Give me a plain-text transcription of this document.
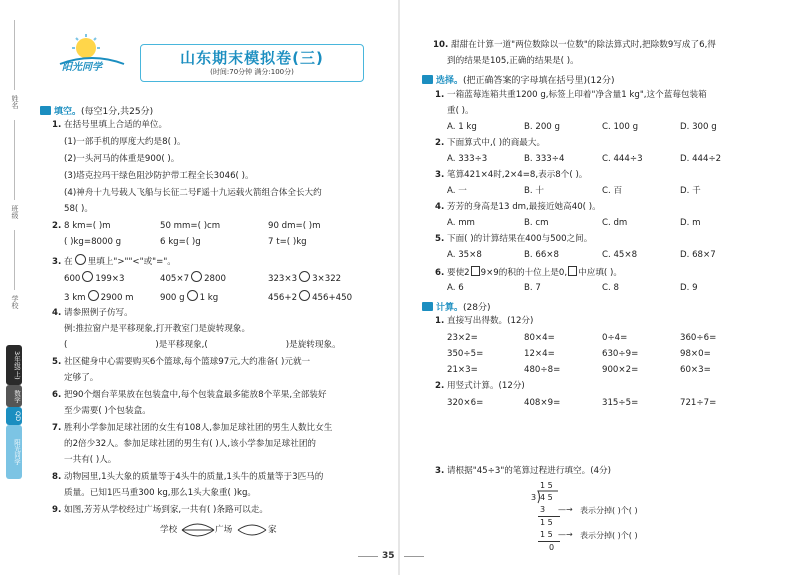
姓名
班级
学校
3年级(上)
数学
QD
阳光同学
阳光同学
山东期末模拟卷(三)
(时间:70分钟 满分:100分)
填空。(每空1分,共25分)
1. 在括号里填上合适的单位。
(1)一部手机的厚度大约是8( )。
(2)一头河马的体重是900( )。
(3)塔克拉玛干绿色阻沙防护带工程全长3046( )。
(4)神舟十九号载人飞船与长征二号F遥十九运载火箭组合体全长大约
58( )。
2. 8 km=( )m	50 mm=( )cm	90 dm=( )m
( )kg=8000 g	6 kg=( )g	7 t=( )kg
3. 在 里填上">""<"或"="。
600 199×3	405×7 2800	323×3 3×322
3 km 2900 m	900 g 1 kg	456+2 456+450
4. 请参照例子仿写。
例:推拉窗户是平移现象,打开教室门是旋转现象。
(	)是平移现象,(	)是旋转现象。
5. 社区健身中心需要购买6个篮球,每个篮球97元,大约准备( )元就一
定够了。
6. 把90个烟台苹果放在包装盒中,每个包装盒最多能放8个苹果,全部装好
至少需要( )个包装盒。
7. 胜利小学参加足球社团的女生有108人,参加足球社团的男生人数比女生
的2倍少32人。参加足球社团的男生有( )人,该小学参加足球社团的
一共有( )人。
8. 动物园里,1头大象的质量等于4头牛的质量,1头牛的质量等于3匹马的
质量。已知1匹马重300 kg,那么1头大象重( )kg。
9. 如图,芳芳从学校经过广场到家,一共有( )条路可以走。
学校	广场	家
10. 甜甜在计算一道"两位数除以一位数"的除法算式时,把除数9写成了6,得
到的结果是105,正确的结果是( )。
选择。(把正确答案的字母填在括号里)(12分)
1. 一箱蓝莓连箱共重1200 g,标签上印着"净含量1 kg",这个蓝莓包装箱
重( )。
A. 1 kg	B. 200 g	C. 100 g	D. 300 g
2. 下面算式中,( )的商最大。
A. 333÷3	B. 333÷4	C. 444÷3	D. 444÷2
3. 笔算421×4时,2×4=8,表示8个( )。
A. 一	B. 十	C. 百	D. 千
4. 芳芳的身高是13 dm,最接近她高40( )。
A. mm	B. cm	C. dm	D. m
5. 下面( )的计算结果在400与500之间。
A. 35×8	B. 66×8	C. 45×8	D. 68×7
6. 要使2 9×9的积的十位上是0, 中应填( )。
A. 6	B. 7	C. 8	D. 9
计算。(28分)
1. 直接写出得数。(12分)
23×2=	80×4=	0÷4=	360÷6=
350÷5=	12×4=	630÷9=	98×0=
21×3=	480÷8=	900×2=	60×3=
2. 用竖式计算。(12分)
320×6=	408×9=	315÷5=	721÷7=
3. 请根据"45÷3"的笔算过程进行填空。(4分)
1 5
3 4 5
3
1 5
1 5
0
—→ 表示分掉( )个( )
—→ 表示分掉( )个( )
35
